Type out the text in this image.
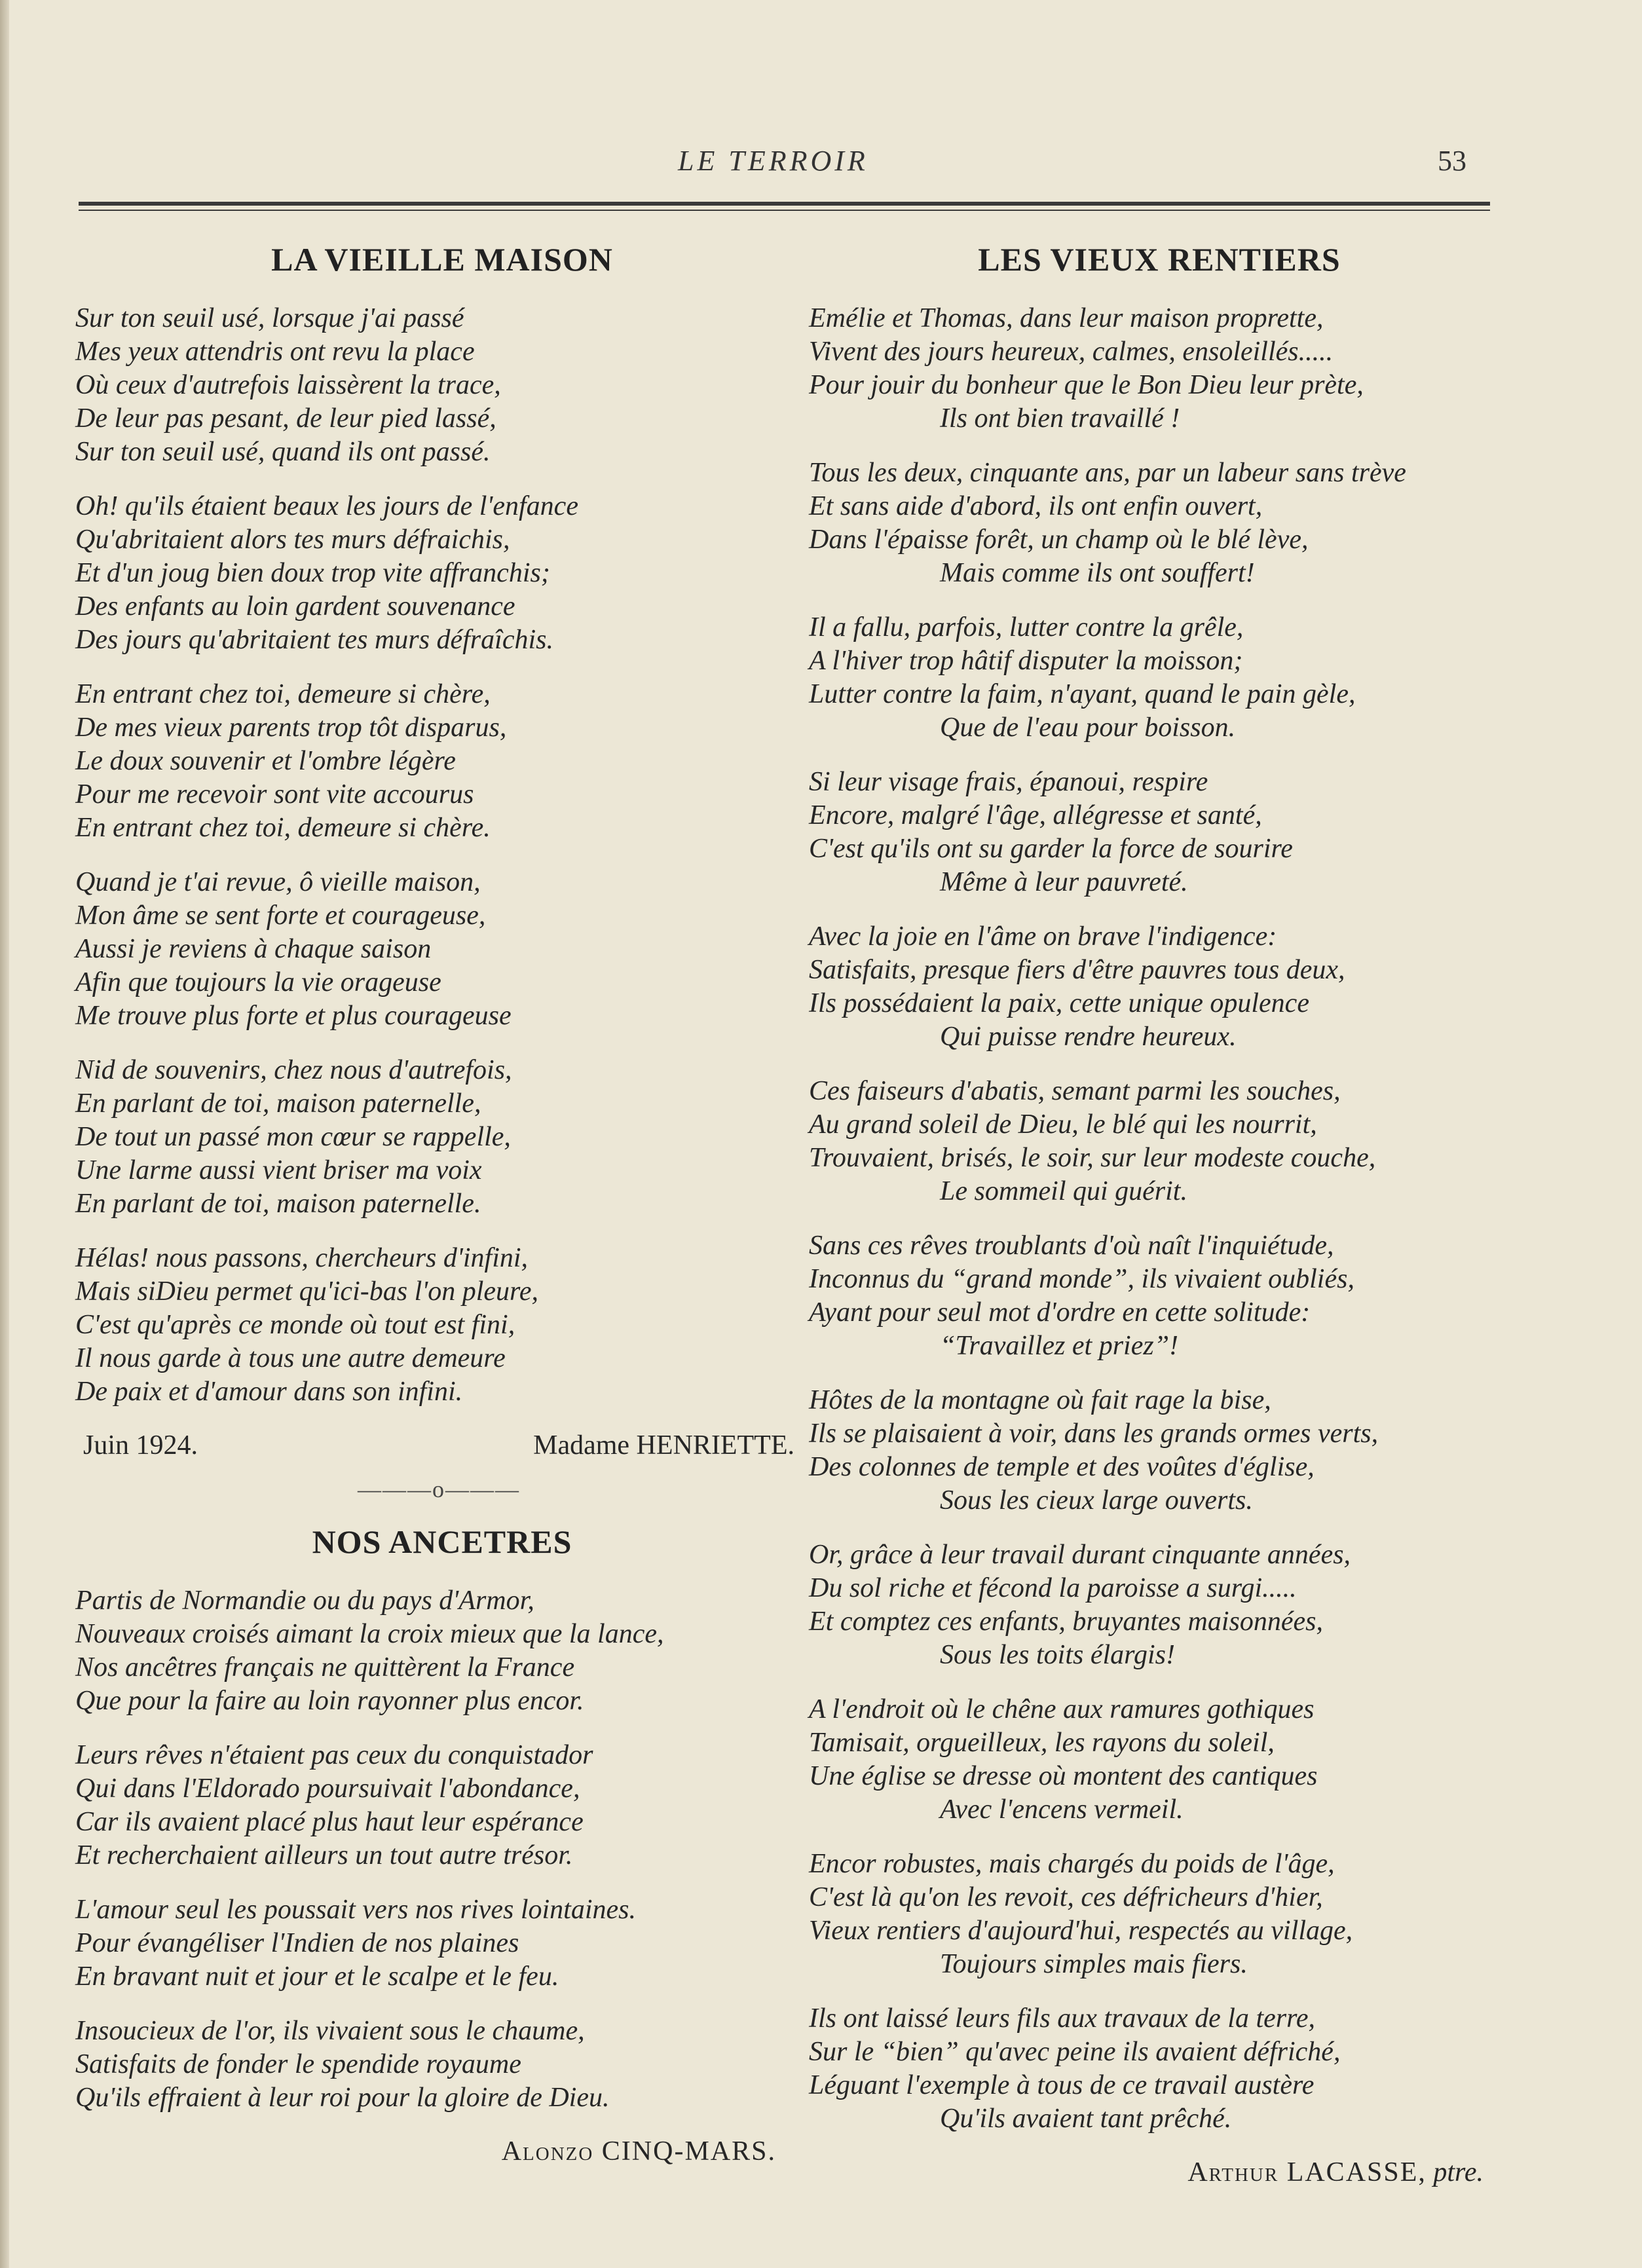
LE TERROIR	53
LA VIEILLE MAISON
Sur ton seuil usé, lorsque j'ai passé
Mes yeux attendris ont revu la place
Où ceux d'autrefois laissèrent la trace,
De leur pas pesant, de leur pied lassé,
Sur ton seuil usé, quand ils ont passé.
Oh! qu'ils étaient beaux les jours de l'enfance
Qu'abritaient alors tes murs défraichis,
Et d'un joug bien doux trop vite affranchis;
Des enfants au loin gardent souvenance
Des jours qu'abritaient tes murs défraîchis.
En entrant chez toi, demeure si chère,
De mes vieux parents trop tôt disparus,
Le doux souvenir et l'ombre légère
Pour me recevoir sont vite accourus
En entrant chez toi, demeure si chère.
Quand je t'ai revue, ô vieille maison,
Mon âme se sent forte et courageuse,
Aussi je reviens à chaque saison
Afin que toujours la vie orageuse
Me trouve plus forte et plus courageuse
Nid de souvenirs, chez nous d'autrefois,
En parlant de toi, maison paternelle,
De tout un passé mon cœur se rappelle,
Une larme aussi vient briser ma voix
En parlant de toi, maison paternelle.
Hélas! nous passons, chercheurs d'infini,
Mais siDieu permet qu'ici-bas l'on pleure,
C'est qu'après ce monde où tout est fini,
Il nous garde à tous une autre demeure
De paix et d'amour dans son infini.
Juin 1924.	Madame HENRIETTE.
———o———
NOS ANCETRES
Partis de Normandie ou du pays d'Armor,
Nouveaux croisés aimant la croix mieux que la lance,
Nos ancêtres français ne quittèrent la France
Que pour la faire au loin rayonner plus encor.
Leurs rêves n'étaient pas ceux du conquistador
Qui dans l'Eldorado poursuivait l'abondance,
Car ils avaient placé plus haut leur espérance
Et recherchaient ailleurs un tout autre trésor.
L'amour seul les poussait vers nos rives lointaines.
Pour évangéliser l'Indien de nos plaines
En bravant nuit et jour et le scalpe et le feu.
Insoucieux de l'or, ils vivaient sous le chaume,
Satisfaits de fonder le spendide royaume
Qu'ils effraient à leur roi pour la gloire de Dieu.
Alonzo CINQ-MARS.
LES VIEUX RENTIERS
Emélie et Thomas, dans leur maison proprette,
Vivent des jours heureux, calmes, ensoleillés.....
Pour jouir du bonheur que le Bon Dieu leur prète,
Ils ont bien travaillé !
Tous les deux, cinquante ans, par un labeur sans trève
Et sans aide d'abord, ils ont enfin ouvert,
Dans l'épaisse forêt, un champ où le blé lève,
Mais comme ils ont souffert!
Il a fallu, parfois, lutter contre la grêle,
A l'hiver trop hâtif disputer la moisson;
Lutter contre la faim, n'ayant, quand le pain gèle,
Que de l'eau pour boisson.
Si leur visage frais, épanoui, respire
Encore, malgré l'âge, allégresse et santé,
C'est qu'ils ont su garder la force de sourire
Même à leur pauvreté.
Avec la joie en l'âme on brave l'indigence:
Satisfaits, presque fiers d'être pauvres tous deux,
Ils possédaient la paix, cette unique opulence
Qui puisse rendre heureux.
Ces faiseurs d'abatis, semant parmi les souches,
Au grand soleil de Dieu, le blé qui les nourrit,
Trouvaient, brisés, le soir, sur leur modeste couche,
Le sommeil qui guérit.
Sans ces rêves troublants d'où naît l'inquiétude,
Inconnus du “grand monde”, ils vivaient oubliés,
Ayant pour seul mot d'ordre en cette solitude:
“Travaillez et priez”!
Hôtes de la montagne où fait rage la bise,
Ils se plaisaient à voir, dans les grands ormes verts,
Des colonnes de temple et des voûtes d'église,
Sous les cieux large ouverts.
Or, grâce à leur travail durant cinquante années,
Du sol riche et fécond la paroisse a surgi.....
Et comptez ces enfants, bruyantes maisonnées,
Sous les toits élargis!
A l'endroit où le chêne aux ramures gothiques
Tamisait, orgueilleux, les rayons du soleil,
Une église se dresse où montent des cantiques
Avec l'encens vermeil.
Encor robustes, mais chargés du poids de l'âge,
C'est là qu'on les revoit, ces défricheurs d'hier,
Vieux rentiers d'aujourd'hui, respectés au village,
Toujours simples mais fiers.
Ils ont laissé leurs fils aux travaux de la terre,
Sur le “bien” qu'avec peine ils avaient défriché,
Léguant l'exemple à tous de ce travail austère
Qu'ils avaient tant prêché.
Arthur LACASSE, ptre.
